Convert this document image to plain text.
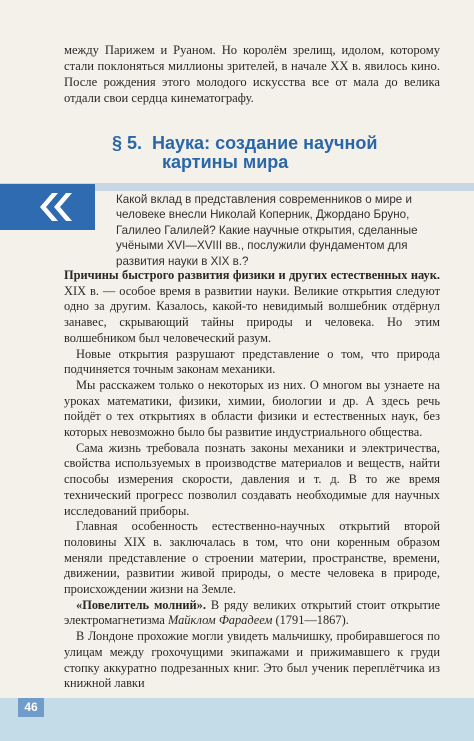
между Парижем и Руаном. Но королём зрелищ, идолом, которому стали поклоняться миллионы зрителей, в начале XX в. явилось кино. После рождения этого молодого искусства все от мала до велика отдали свои сердца кинематографу.

§ 5. Наука: создание научной
картины мира
Какой вклад в представления современников о мире и человеке внесли Николай Коперник, Джордано Бруно, Галилео Галилей? Какие научные открытия, сделанные учёными XVI—XVIII вв., послужили фундаментом для развития науки в XIX в.?

Причины быстрого развития физики и других естественных наук. XIX в. — особое время в развитии науки. Великие открытия следуют одно за другим. Казалось, какой-то невидимый волшебник отдёрнул занавес, скрывающий тайны природы и человека. Но этим волшебником был человеческий разум.

Новые открытия разрушают представление о том, что природа подчиняется точным законам механики.

Мы расскажем только о некоторых из них. О многом вы узнаете на уроках математики, физики, химии, биологии и др. А здесь речь пойдёт о тех открытиях в области физики и естественных наук, без которых невозможно было бы развитие индустриального общества.

Сама жизнь требовала познать законы механики и электричества, свойства используемых в производстве материалов и веществ, найти способы измерения скорости, давления и т. д. В то же время технический прогресс позволил создавать необходимые для научных исследований приборы.

Главная особенность естественно-научных открытий второй половины XIX в. заключалась в том, что они коренным образом меняли представление о строении материи, пространстве, времени, движении, развитии живой природы, о месте человека в природе, происхождении жизни на Земле.

«Повелитель молний». В ряду великих открытий стоит открытие электромагнетизма Майклом Фарадеем (1791—1867).

В Лондоне прохожие могли увидеть мальчишку, пробиравшегося по улицам между грохочущими экипажами и прижимавшего к груди стопку аккуратно подрезанных книг. Это был ученик переплётчика из книжной лавки

46
